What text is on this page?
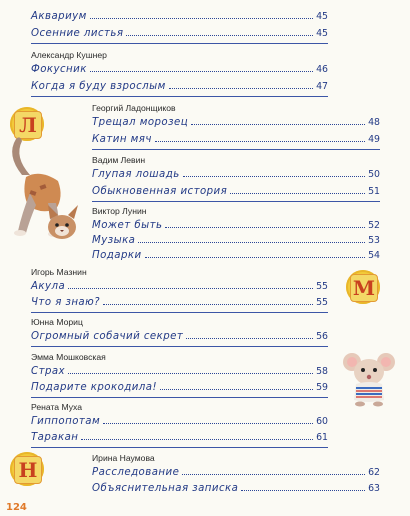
Л
М
Н
Аквариум	45
Осенние листья	45
Александр Кушнер
Фокусник	46
Когда я буду взрослым	47
Георгий Ладонщиков
Трещал морозец	48
Катин мяч	49
Вадим Левин
Глупая лошадь	50
Обыкновенная история	51
Виктор Лунин
Может быть	52
Музыка	53
Подарки	54
Игорь Мазнин
Акула	55
Что я знаю?	55
Юнна Мориц
Огромный собачий секрет	56
Эмма Мошковская
Страх	58
Подарите крокодила!	59
Рената Муха
Гиппопотам	60
Таракан	61
Ирина Наумова
Расследование	62
Объяснительная записка	63
124
